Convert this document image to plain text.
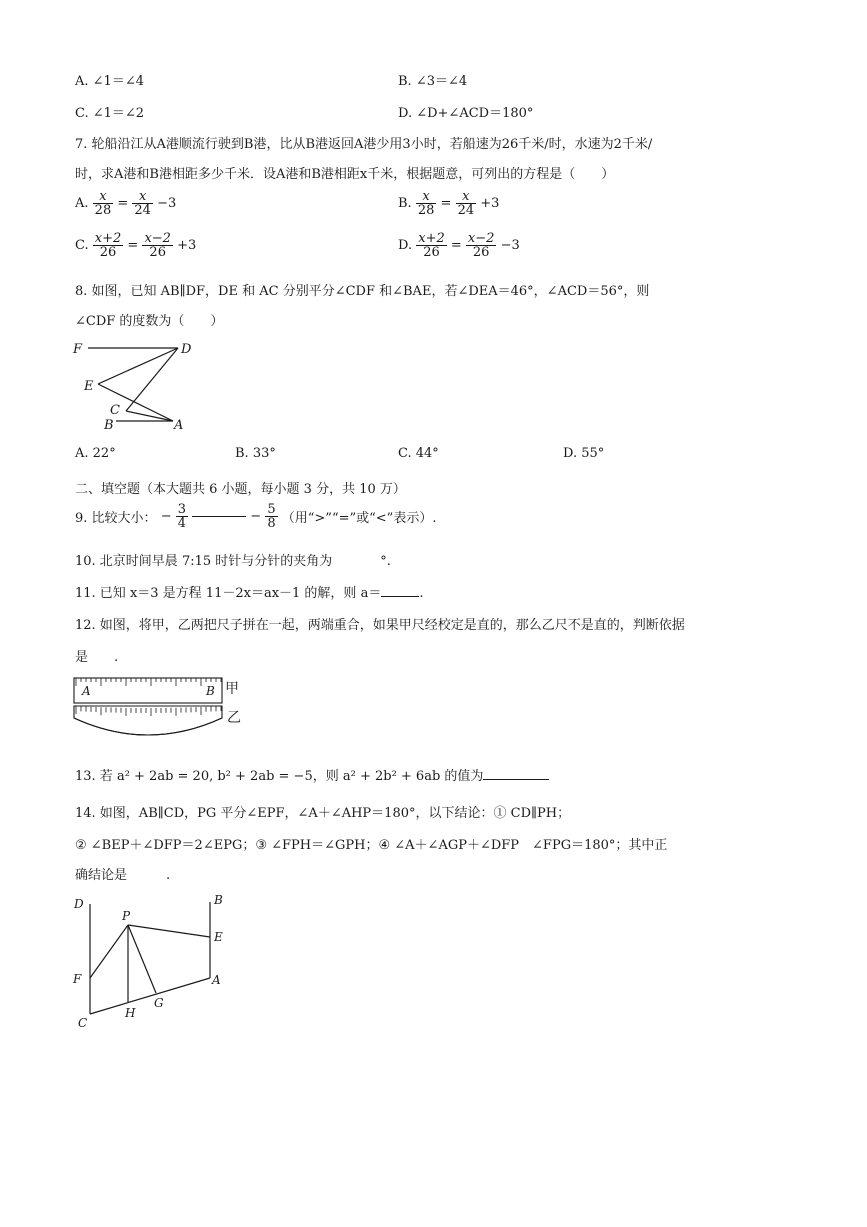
A. ∠1＝∠4	B. ∠3＝∠4
C. ∠1＝∠2	D. ∠D+∠ACD＝180°
7. 轮船沿江从A港顺流行驶到B港，比从B港返回A港少用3小时，若船速为26千米/时，水速为2千米/
时，求A港和B港相距多少千米．设A港和B港相距x千米，根据题意，可列出的方程是（　　）
A. $\frac{x}{28} = \frac{x}{24} -3$	B. $\frac{x}{28} = \frac{x}{24} +3$
C. $\frac{x+2}{26} = \frac{x-2}{26} +3$	D. $\frac{x+2}{26} = \frac{x-2}{26} -3$
8. 如图，已知 AB∥DF，DE 和 AC 分别平分∠CDF 和∠BAE，若∠DEA＝46°，∠ACD＝56°，则
∠CDF 的度数为（　　）
F	D
E
C
B	A
A. 22°	B. 33°	C. 44°	D. 55°
二、填空题（本大题共 6 小题，每小题 3 分，共 10 万）
9. 比较大小： − $\frac{3}{4}$	− $\frac{5}{8}$ （用“>”“=”或“<”表示）.
10. 北京时间早晨 7:15 时针与分针的夹角为	°.
11. 已知 x＝3 是方程 11－2x＝ax－1 的解，则 a＝	.
12. 如图，将甲，乙两把尺子拼在一起，两端重合，如果甲尺经校定是直的，那么乙尺不是直的，判断依据
是　　.
A	B 甲
乙
13. 若 a² + 2ab = 20, b² + 2ab = −5，则 a² + 2b² + 6ab 的值为
14. 如图，AB∥CD，PG 平分∠EPF，∠A＋∠AHP＝180°，以下结论：① CD∥PH；
② ∠BEP＋∠DFP＝2∠EPG；③ ∠FPH＝∠GPH；④ ∠A＋∠AGP＋∠DFP　∠FPG＝180°；其中正
确结论是　　　.
D	B
P
E
F	A
C
H
G
